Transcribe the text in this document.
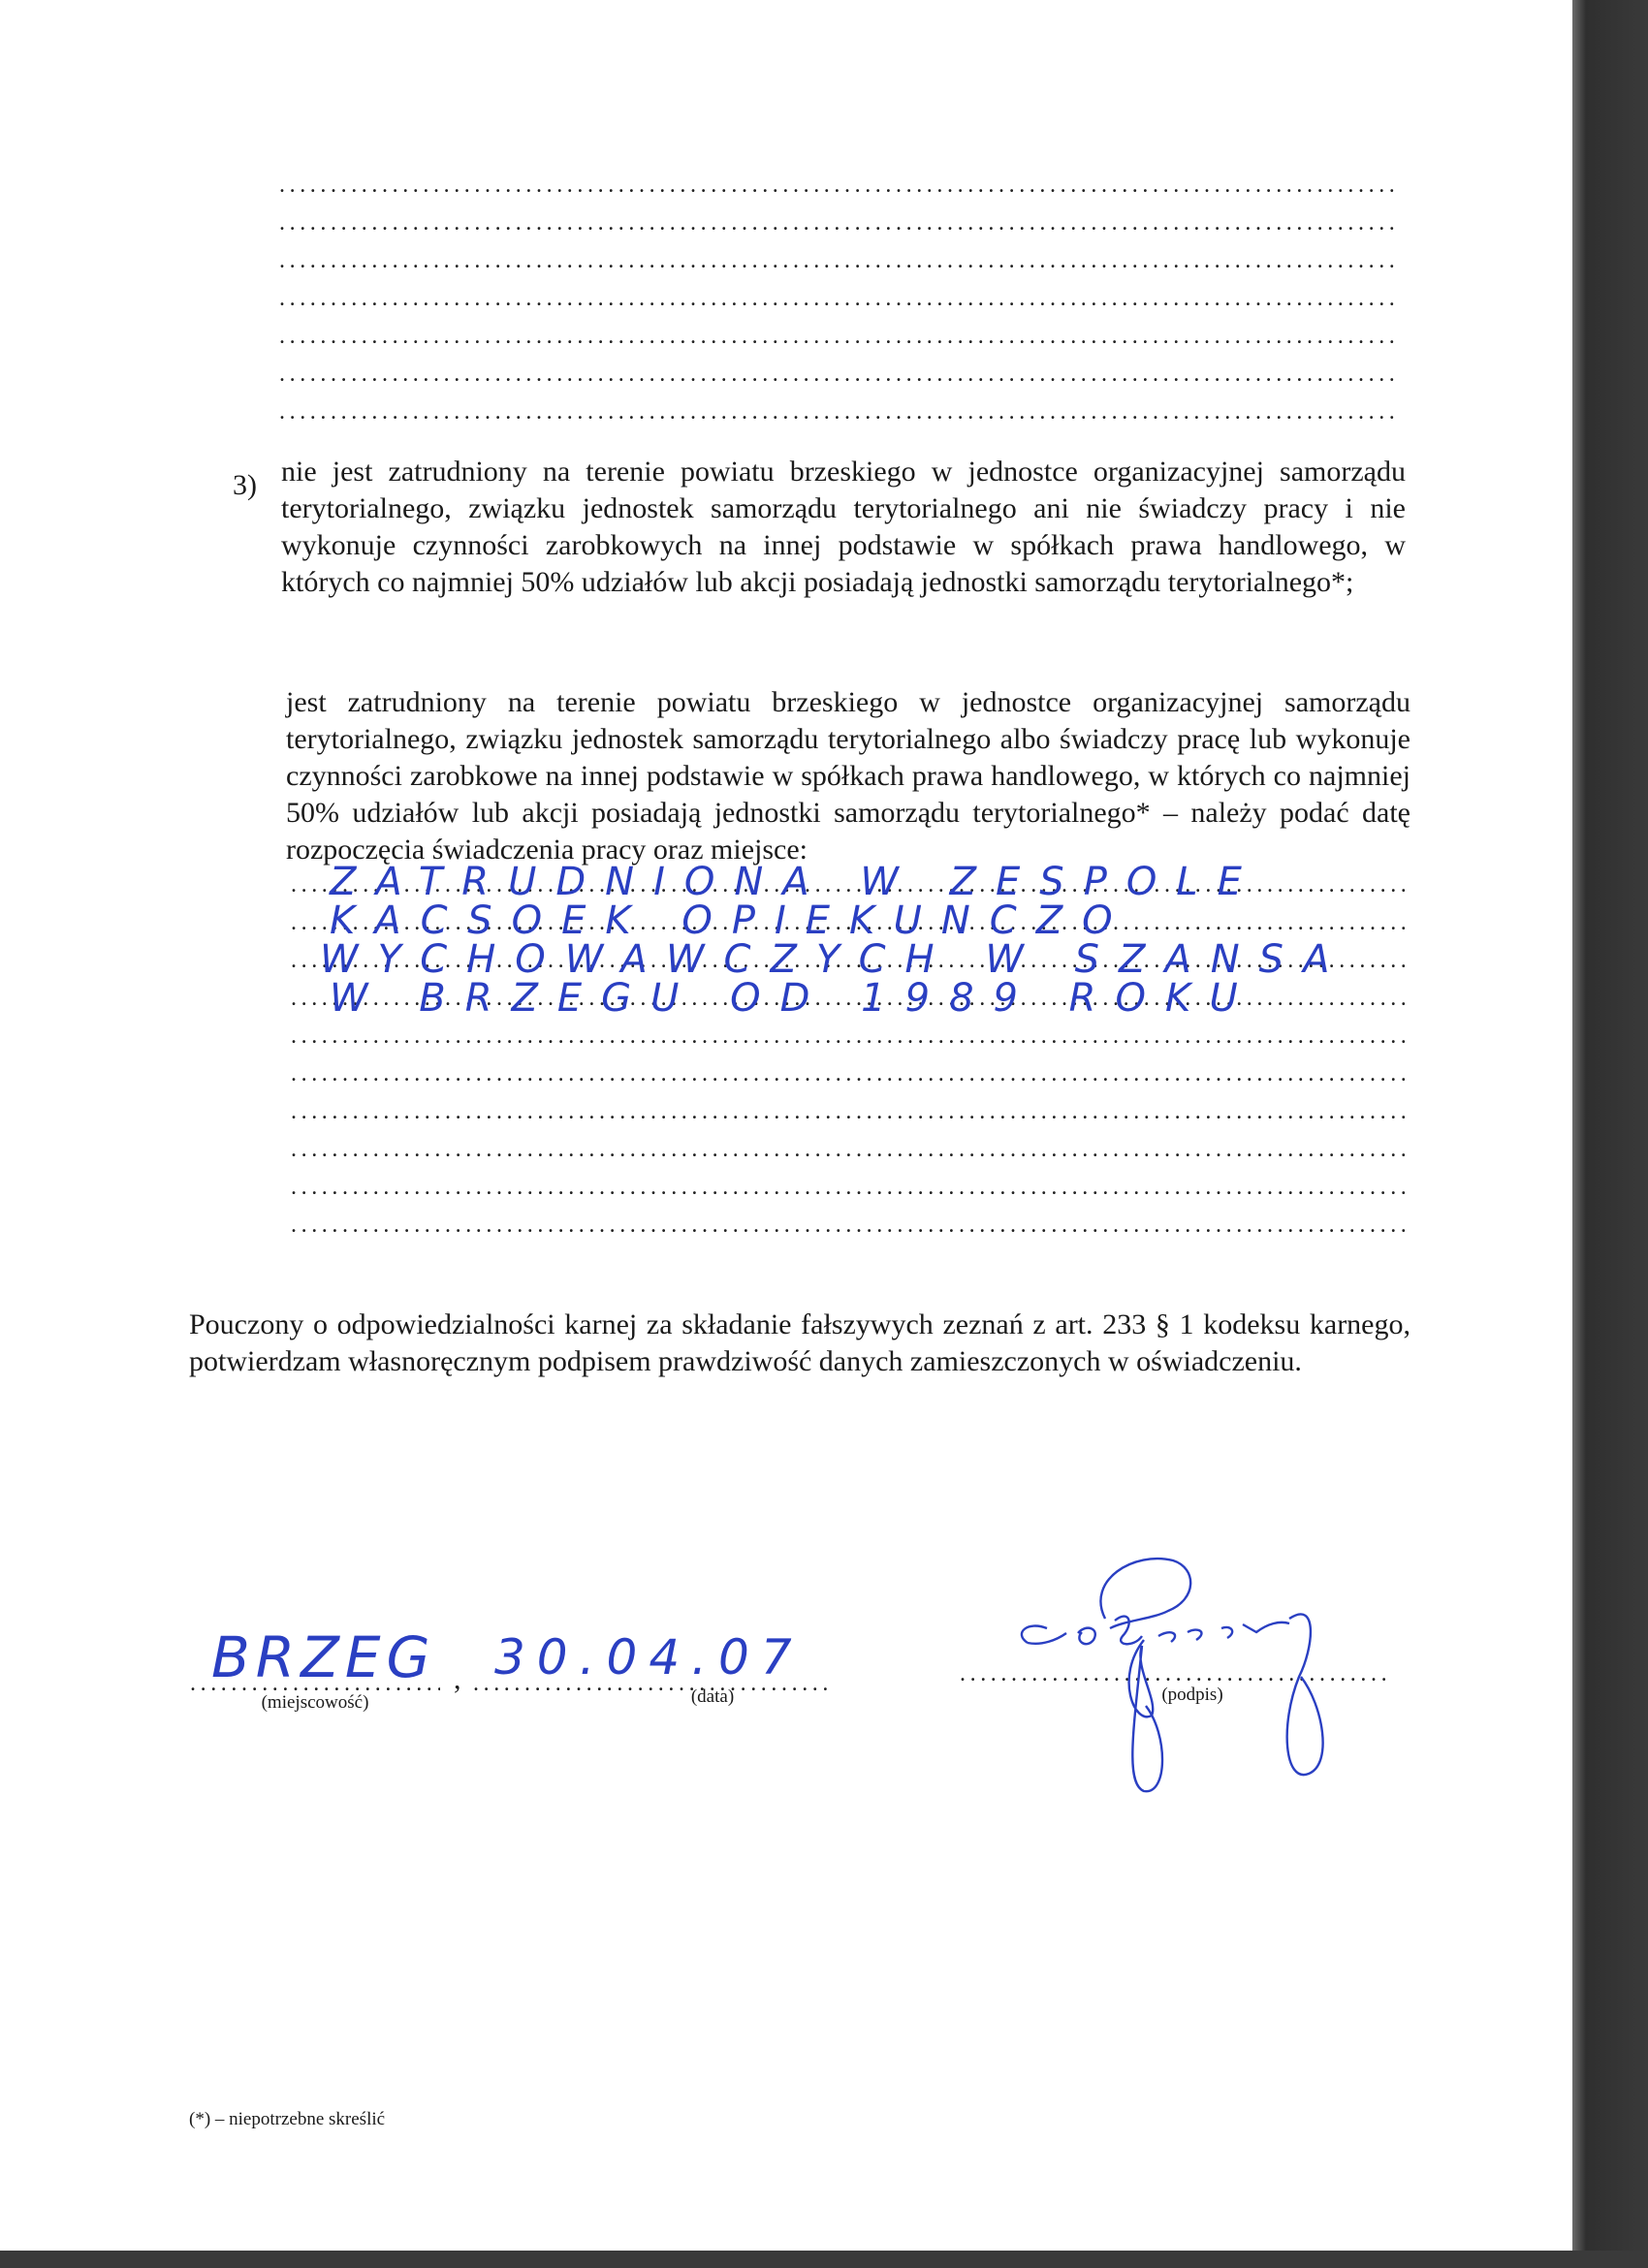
.....
.....
.....
.....
.....
.....
.....
3) nie jest zatrudniony na terenie powiatu brzeskiego w jednostce organizacyjnej samorządu terytorialnego, związku jednostek samorządu terytorialnego ani nie świadczy pracy i nie wykonuje czynności zarobkowych na innej podstawie w spółkach prawa handlowego, w których co najmniej 50% udziałów lub akcji posiadają jednostki samorządu terytorialnego*;
jest zatrudniony na terenie powiatu brzeskiego w jednostce organizacyjnej samorządu terytorialnego, związku jednostek samorządu terytorialnego albo świadczy pracę lub wykonuje czynności zarobkowe na innej podstawie w spółkach prawa handlowego, w których co najmniej 50% udziałów lub akcji posiadają jednostki samorządu terytorialnego* – należy podać datę rozpoczęcia świadczenia pracy oraz miejsce:
.....
.....
.....
.....
.....
.....
.....
.....
.....
.....
ZATRUDNIONA W ZESPOLE
KACSOEK OPIEKUNCZO
WYCHOWAWCZYCH W SZANSA
W BRZEGU OD 1989 ROKU
Pouczony o odpowiedzialności karnej za składanie fałszywych zeznań z art. 233 § 1 kodeksu karnego, potwierdzam własnoręcznym podpisem prawdziwość danych zamieszczonych w oświadczeniu.
BRZEG
.....
(miejscowość)
, 30.04.07
.....
(data)
.....	(podpis)
(*) – niepotrzebne skreślić
